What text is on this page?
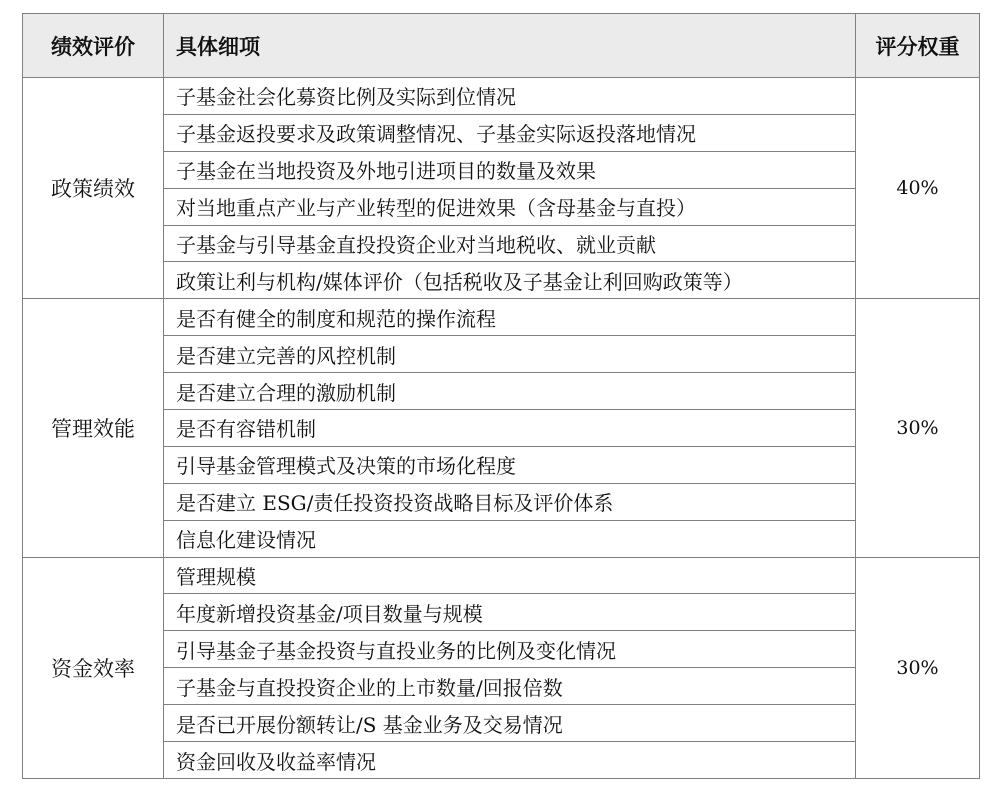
绩效评价	具体细项	评分权重
政策绩效	子基金社会化募资比例及实际到位情况	40%
	子基金返投要求及政策调整情况、子基金实际返投落地情况	
	子基金在当地投资及外地引进项目的数量及效果	
	对当地重点产业与产业转型的促进效果（含母基金与直投）	
	子基金与引导基金直投投资企业对当地税收、就业贡献	
	政策让利与机构/媒体评价（包括税收及子基金让利回购政策等）	
管理效能	是否有健全的制度和规范的操作流程	30%
	是否建立完善的风控机制	
	是否建立合理的激励机制	
	是否有容错机制	
	引导基金管理模式及决策的市场化程度	
	是否建立 ESG/责任投资投资战略目标及评价体系	
	信息化建设情况	
资金效率	管理规模	30%
	年度新增投资基金/项目数量与规模	
	引导基金子基金投资与直投业务的比例及变化情况	
	子基金与直投投资企业的上市数量/回报倍数	
	是否已开展份额转让/S 基金业务及交易情况	
	资金回收及收益率情况	
